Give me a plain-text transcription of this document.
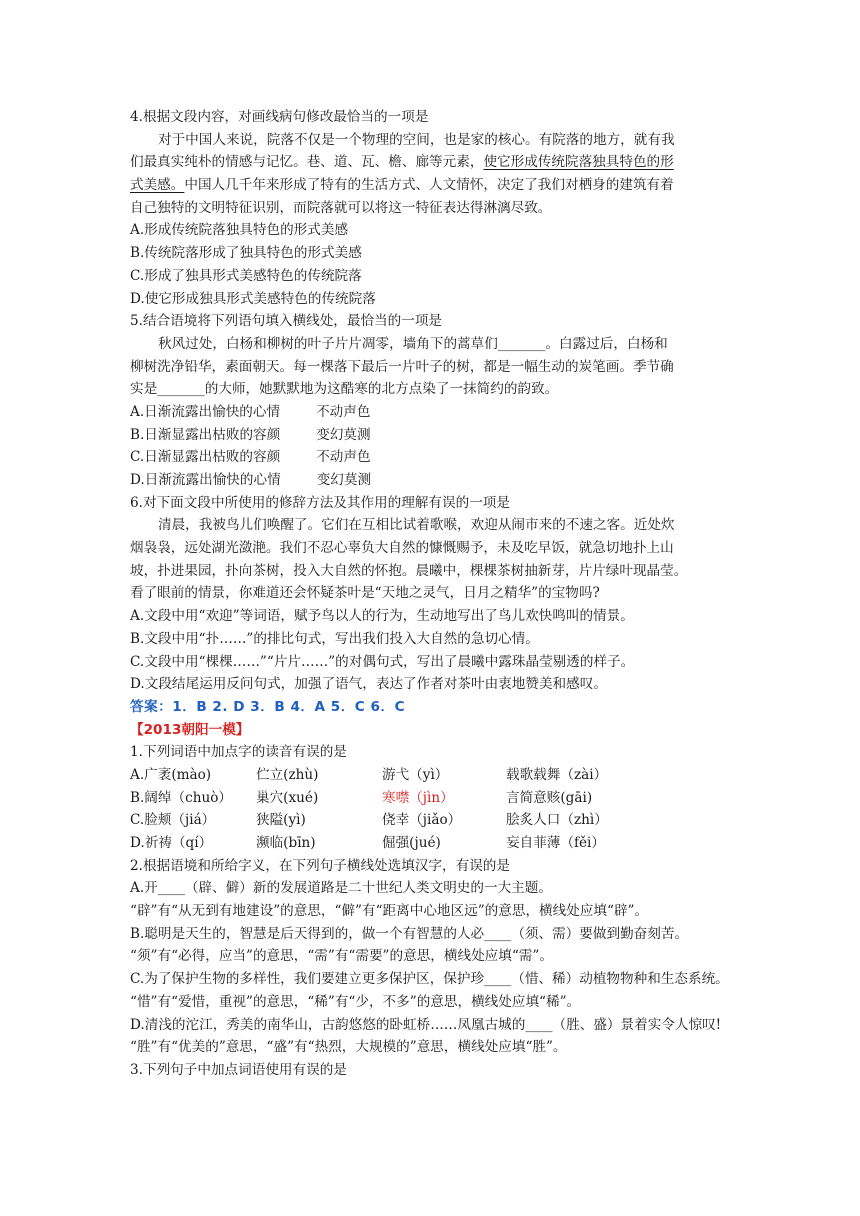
4.根据文段内容，对画线病句修改最恰当的一项是
对于中国人来说，院落不仅是一个物理的空间，也是家的核心。有院落的地方，就有我
们最真实纯朴的情感与记忆。巷、道、瓦、檐、廊等元素，使它形成传统院落独具特色的形
式美感。中国人几千年来形成了特有的生活方式、人文情怀，决定了我们对栖身的建筑有着
自己独特的文明特征识别，而院落就可以将这一特征表达得淋漓尽致。
A.形成传统院落独具特色的形式美感
B.传统院落形成了独具特色的形式美感
C.形成了独具形式美感特色的传统院落
D.使它形成独具形式美感特色的传统院落
5.结合语境将下列语句填入横线处，最恰当的一项是
秋风过处，白杨和柳树的叶子片片凋零，墙角下的蒿草们_______。白露过后，白杨和
柳树洗净铅华，素面朝天。每一棵落下最后一片叶子的树，都是一幅生动的炭笔画。季节确
实是_______的大师，她默默地为这酷寒的北方点染了一抹简约的韵致。
A.日渐流露出愉快的心情	不动声色
B.日渐显露出枯败的容颜	变幻莫测
C.日渐显露出枯败的容颜	不动声色
D.日渐流露出愉快的心情	变幻莫测
6.对下面文段中所使用的修辞方法及其作用的理解有误的一项是
清晨，我被鸟儿们唤醒了。它们在互相比试着歌喉，欢迎从闹市来的不速之客。近处炊
烟袅袅，远处湖光潋滟。我们不忍心辜负大自然的慷慨赐予，未及吃早饭，就急切地扑上山
坡，扑进果园，扑向茶树，投入大自然的怀抱。晨曦中，棵棵茶树抽新芽，片片绿叶现晶莹。
看了眼前的情景，你难道还会怀疑茶叶是“天地之灵气，日月之精华”的宝物吗?
A.文段中用“欢迎”等词语，赋予鸟以人的行为，生动地写出了鸟儿欢快鸣叫的情景。
B.文段中用“扑……”的排比句式，写出我们投入大自然的急切心情。
C.文段中用“棵棵……”“片片……”的对偶句式，写出了晨曦中露珠晶莹剔透的样子。
D.文段结尾运用反问句式，加强了语气，表达了作者对茶叶由衷地赞美和感叹。
答案：1．B 2. D 3．B 4．A 5．C 6．C
【2013朝阳一模】
1.下列词语中加点字的读音有误的是
A.广袤(mào)	伫立(zhù)	游弋（yì）	载歌载舞（zài）
B.阔绰（chuò）	巢穴(xué)	寒噤（jìn）	言简意赅(gāi)
C.脸颊（jiá）	狭隘(yì)	侥幸（jiǎo）	脍炙人口（zhì）
D.祈祷（qí）	濒临(bīn)	倔强(jué)	妄自菲薄（fěi）
2.根据语境和所给字义，在下列句子横线处选填汉字，有误的是
A.开____（辟、僻）新的发展道路是二十世纪人类文明史的一大主题。
“辟”有“从无到有地建设”的意思，“僻”有“距离中心地区远”的意思，横线处应填“辟”。
B.聪明是天生的，智慧是后天得到的，做一个有智慧的人必____（须、需）要做到勤奋刻苦。
“须”有“必得，应当”的意思，“需”有“需要”的意思，横线处应填“需”。
C.为了保护生物的多样性，我们要建立更多保护区，保护珍____（惜、稀）动植物物种和生态系统。
“惜”有“爱惜，重视”的意思，“稀”有“少，不多”的意思，横线处应填“稀”。
D.清浅的沱江，秀美的南华山，古韵悠悠的卧虹桥……凤凰古城的____（胜、盛）景着实令人惊叹!
“胜”有“优美的”意思，“盛”有“热烈，大规模的”意思，横线处应填“胜”。
3.下列句子中加点词语使用有误的是
